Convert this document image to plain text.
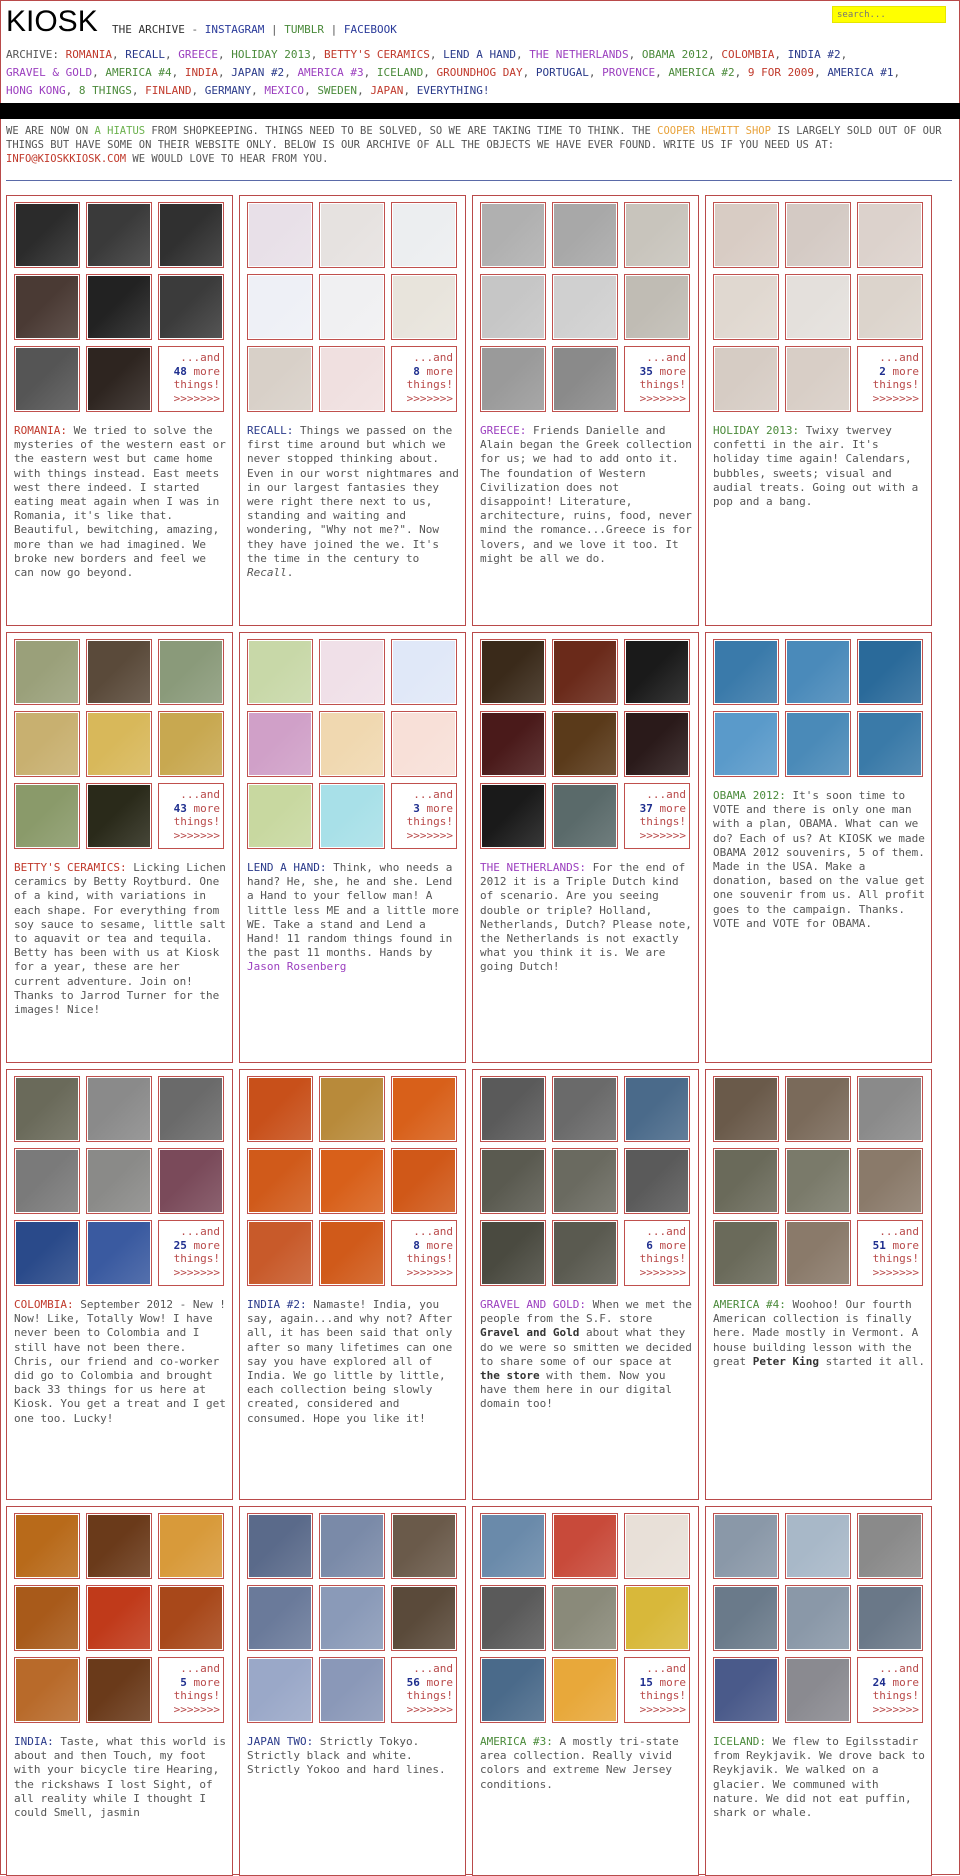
KIOSK THE ARCHIVE - INSTAGRAM | TUMBLR | FACEBOOK
search...
ARCHIVE: ROMANIA, RECALL, GREECE, HOLIDAY 2013, BETTY'S CERAMICS, LEND A HAND, THE NETHERLANDS, OBAMA 2012, COLOMBIA, INDIA #2, GRAVEL & GOLD, AMERICA #4, INDIA, JAPAN #2, AMERICA #3, ICELAND, GROUNDHOG DAY, PORTUGAL, PROVENCE, AMERICA #2, 9 FOR 2009, AMERICA #1, HONG KONG, 8 THINGS, FINLAND, GERMANY, MEXICO, SWEDEN, JAPAN, EVERYTHING!
WE ARE NOW ON A HIATUS FROM SHOPKEEPING. THINGS NEED TO BE SOLVED, SO WE ARE TAKING TIME TO THINK. THE COOPER HEWITT SHOP IS LARGELY SOLD OUT OF OUR THINGS BUT HAVE SOME ON THEIR WEBSITE ONLY. BELOW IS OUR ARCHIVE OF ALL THE OBJECTS WE HAVE EVER FOUND. WRITE US IF YOU NEED US AT: INFO@KIOSKKIOSK.COM WE WOULD LOVE TO HEAR FROM YOU.
...and
48 more
things!
>>>>>>>
ROMANIA: We tried to solve the mysteries of the western east or the eastern west but came home with things instead. East meets west there indeed. I started eating meat again when I was in Romania, it's like that. Beautiful, bewitching, amazing, more than we had imagined. We broke new borders and feel we can now go beyond.
...and
8 more
things!
>>>>>>>
RECALL: Things we passed on the first time around but which we never stopped thinking about. Even in our worst nightmares and in our largest fantasies they were right there next to us, standing and waiting and wondering, "Why not me?". Now they have joined the we. It's the time in the century to Recall.
...and
35 more
things!
>>>>>>>
GREECE: Friends Danielle and Alain began the Greek collection for us; we had to add onto it. The foundation of Western Civilization does not disappoint! Literature, architecture, ruins, food, never mind the romance...Greece is for lovers, and we love it too. It might be all we do.
...and
2 more
things!
>>>>>>>
HOLIDAY 2013: Twixy twervey confetti in the air. It's holiday time again! Calendars, bubbles, sweets; visual and audial treats. Going out with a pop and a bang.
...and
43 more
things!
>>>>>>>
BETTY'S CERAMICS: Licking Lichen ceramics by Betty Roytburd. One of a kind, with variations in each shape. For everything from soy sauce to sesame, little salt to aquavit or tea and tequila. Betty has been with us at Kiosk for a year, these are her current adventure. Join on! Thanks to Jarrod Turner for the images! Nice!
...and
3 more
things!
>>>>>>>
LEND A HAND: Think, who needs a hand? He, she, he and she. Lend a Hand to your fellow man! A little less ME and a little more WE. Take a stand and Lend a Hand! 11 random things found in the past 11 months. Hands by Jason Rosenberg
...and
37 more
things!
>>>>>>>
THE NETHERLANDS: For the end of 2012 it is a Triple Dutch kind of scenario. Are you seeing double or triple? Holland, Netherlands, Dutch? Please note, the Netherlands is not exactly what you think it is. We are going Dutch!
OBAMA 2012: It's soon time to VOTE and there is only one man with a plan, OBAMA. What can we do? Each of us? At KIOSK we made OBAMA 2012 souvenirs, 5 of them. Made in the USA. Make a donation, based on the value get one souvenir from us. All profit goes to the campaign. Thanks. VOTE and VOTE for OBAMA.
...and
25 more
things!
>>>>>>>
COLOMBIA: September 2012 - New ! Now! Like, Totally Wow! I have never been to Colombia and I still have not been there. Chris, our friend and co-worker did go to Colombia and brought back 33 things for us here at Kiosk. You get a treat and I get one too. Lucky!
...and
8 more
things!
>>>>>>>
INDIA #2: Namaste! India, you say, again...and why not? After all, it has been said that only after so many lifetimes can one say you have explored all of India. We go little by little, each collection being slowly created, considered and consumed. Hope you like it!
...and
6 more
things!
>>>>>>>
GRAVEL AND GOLD: When we met the people from the S.F. store Gravel and Gold about what they do we were so smitten we decided to share some of our space at the store with them. Now you have them here in our digital domain too!
...and
51 more
things!
>>>>>>>
AMERICA #4: Woohoo! Our fourth American collection is finally here. Made mostly in Vermont. A house building lesson with the great Peter King started it all.
...and
5 more
things!
>>>>>>>
INDIA: Taste, what this world is about and then Touch, my foot with your bicycle tire Hearing, the rickshaws I lost Sight, of all reality while I thought I could Smell, jasmin
...and
56 more
things!
>>>>>>>
JAPAN TWO: Strictly Tokyo. Strictly black and white. Strictly Yokoo and hard lines.
...and
15 more
things!
>>>>>>>
AMERICA #3: A mostly tri-state area collection. Really vivid colors and extreme New Jersey conditions.
...and
24 more
things!
>>>>>>>
ICELAND: We flew to Egilsstadir from Reykjavik. We drove back to Reykjavik. We walked on a glacier. We communed with nature. We did not eat puffin, shark or whale.
